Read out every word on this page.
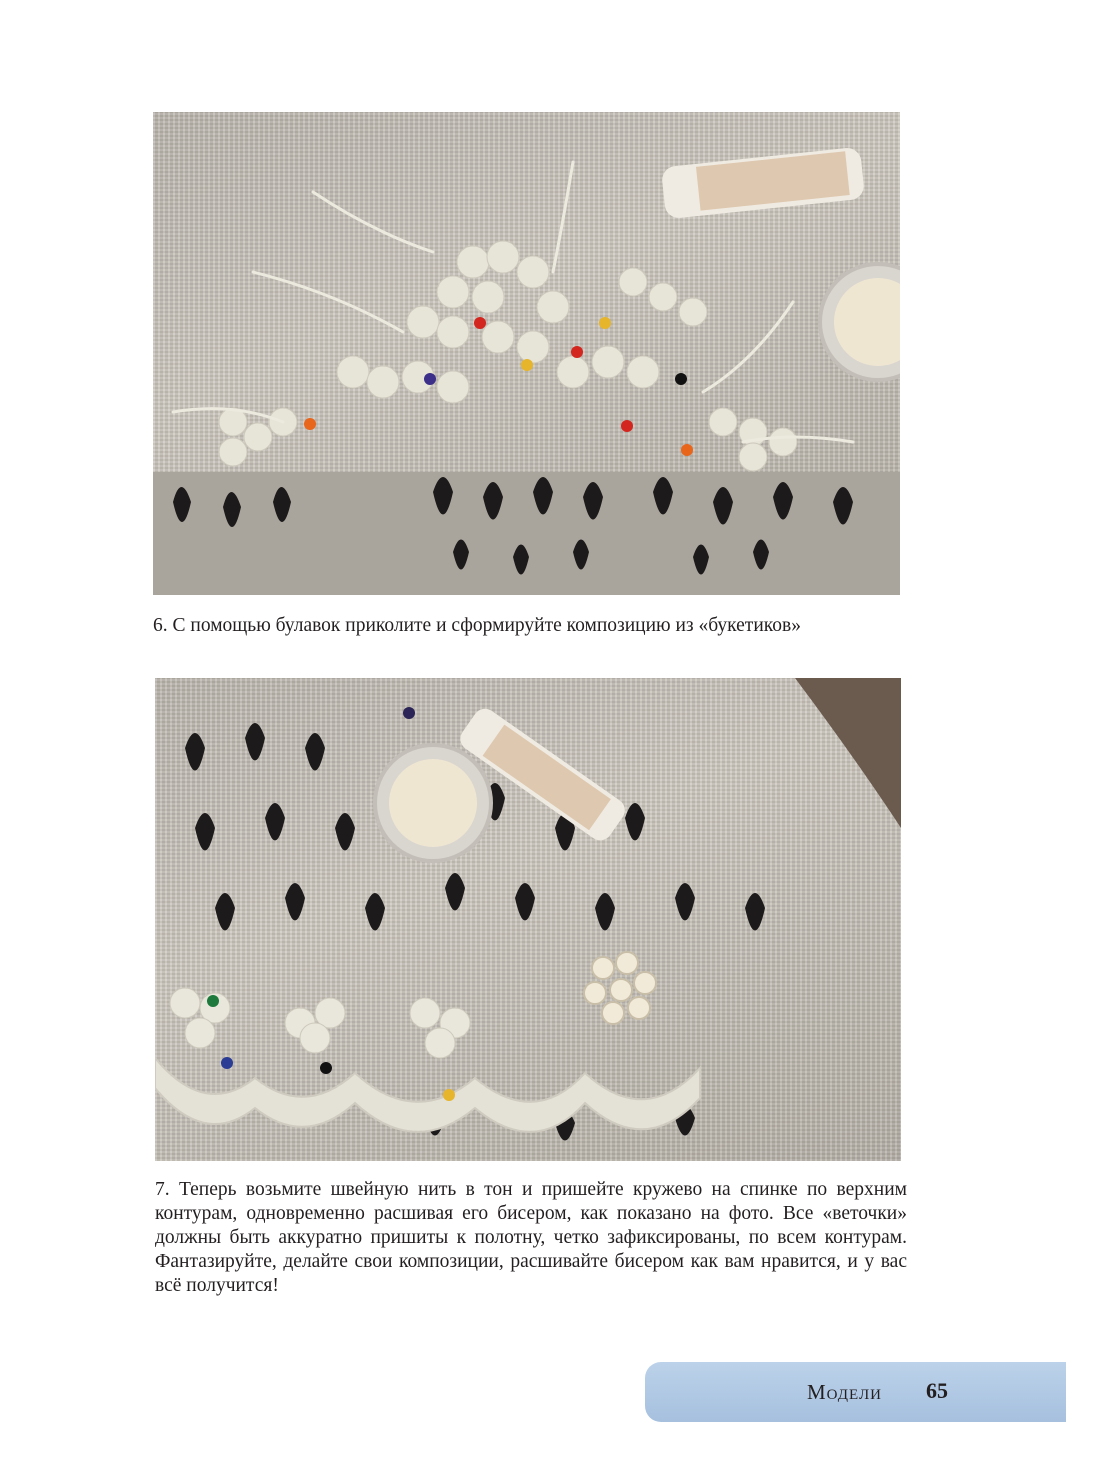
6. С помощью булавок приколите и сформируйте композицию из «букетиков»

7. Теперь возьмите швейную нить в тон и пришейте кружево на спинке по верхним контурам, одновременно расшивая его бисером, как показано на фото. Все «веточки» должны быть аккуратно пришиты к полотну, четко зафиксированы, по всем контурам. Фантазируйте, делайте свои композиции, расшивайте бисером как вам нравится, и у вас всё получится!

Модели 65
